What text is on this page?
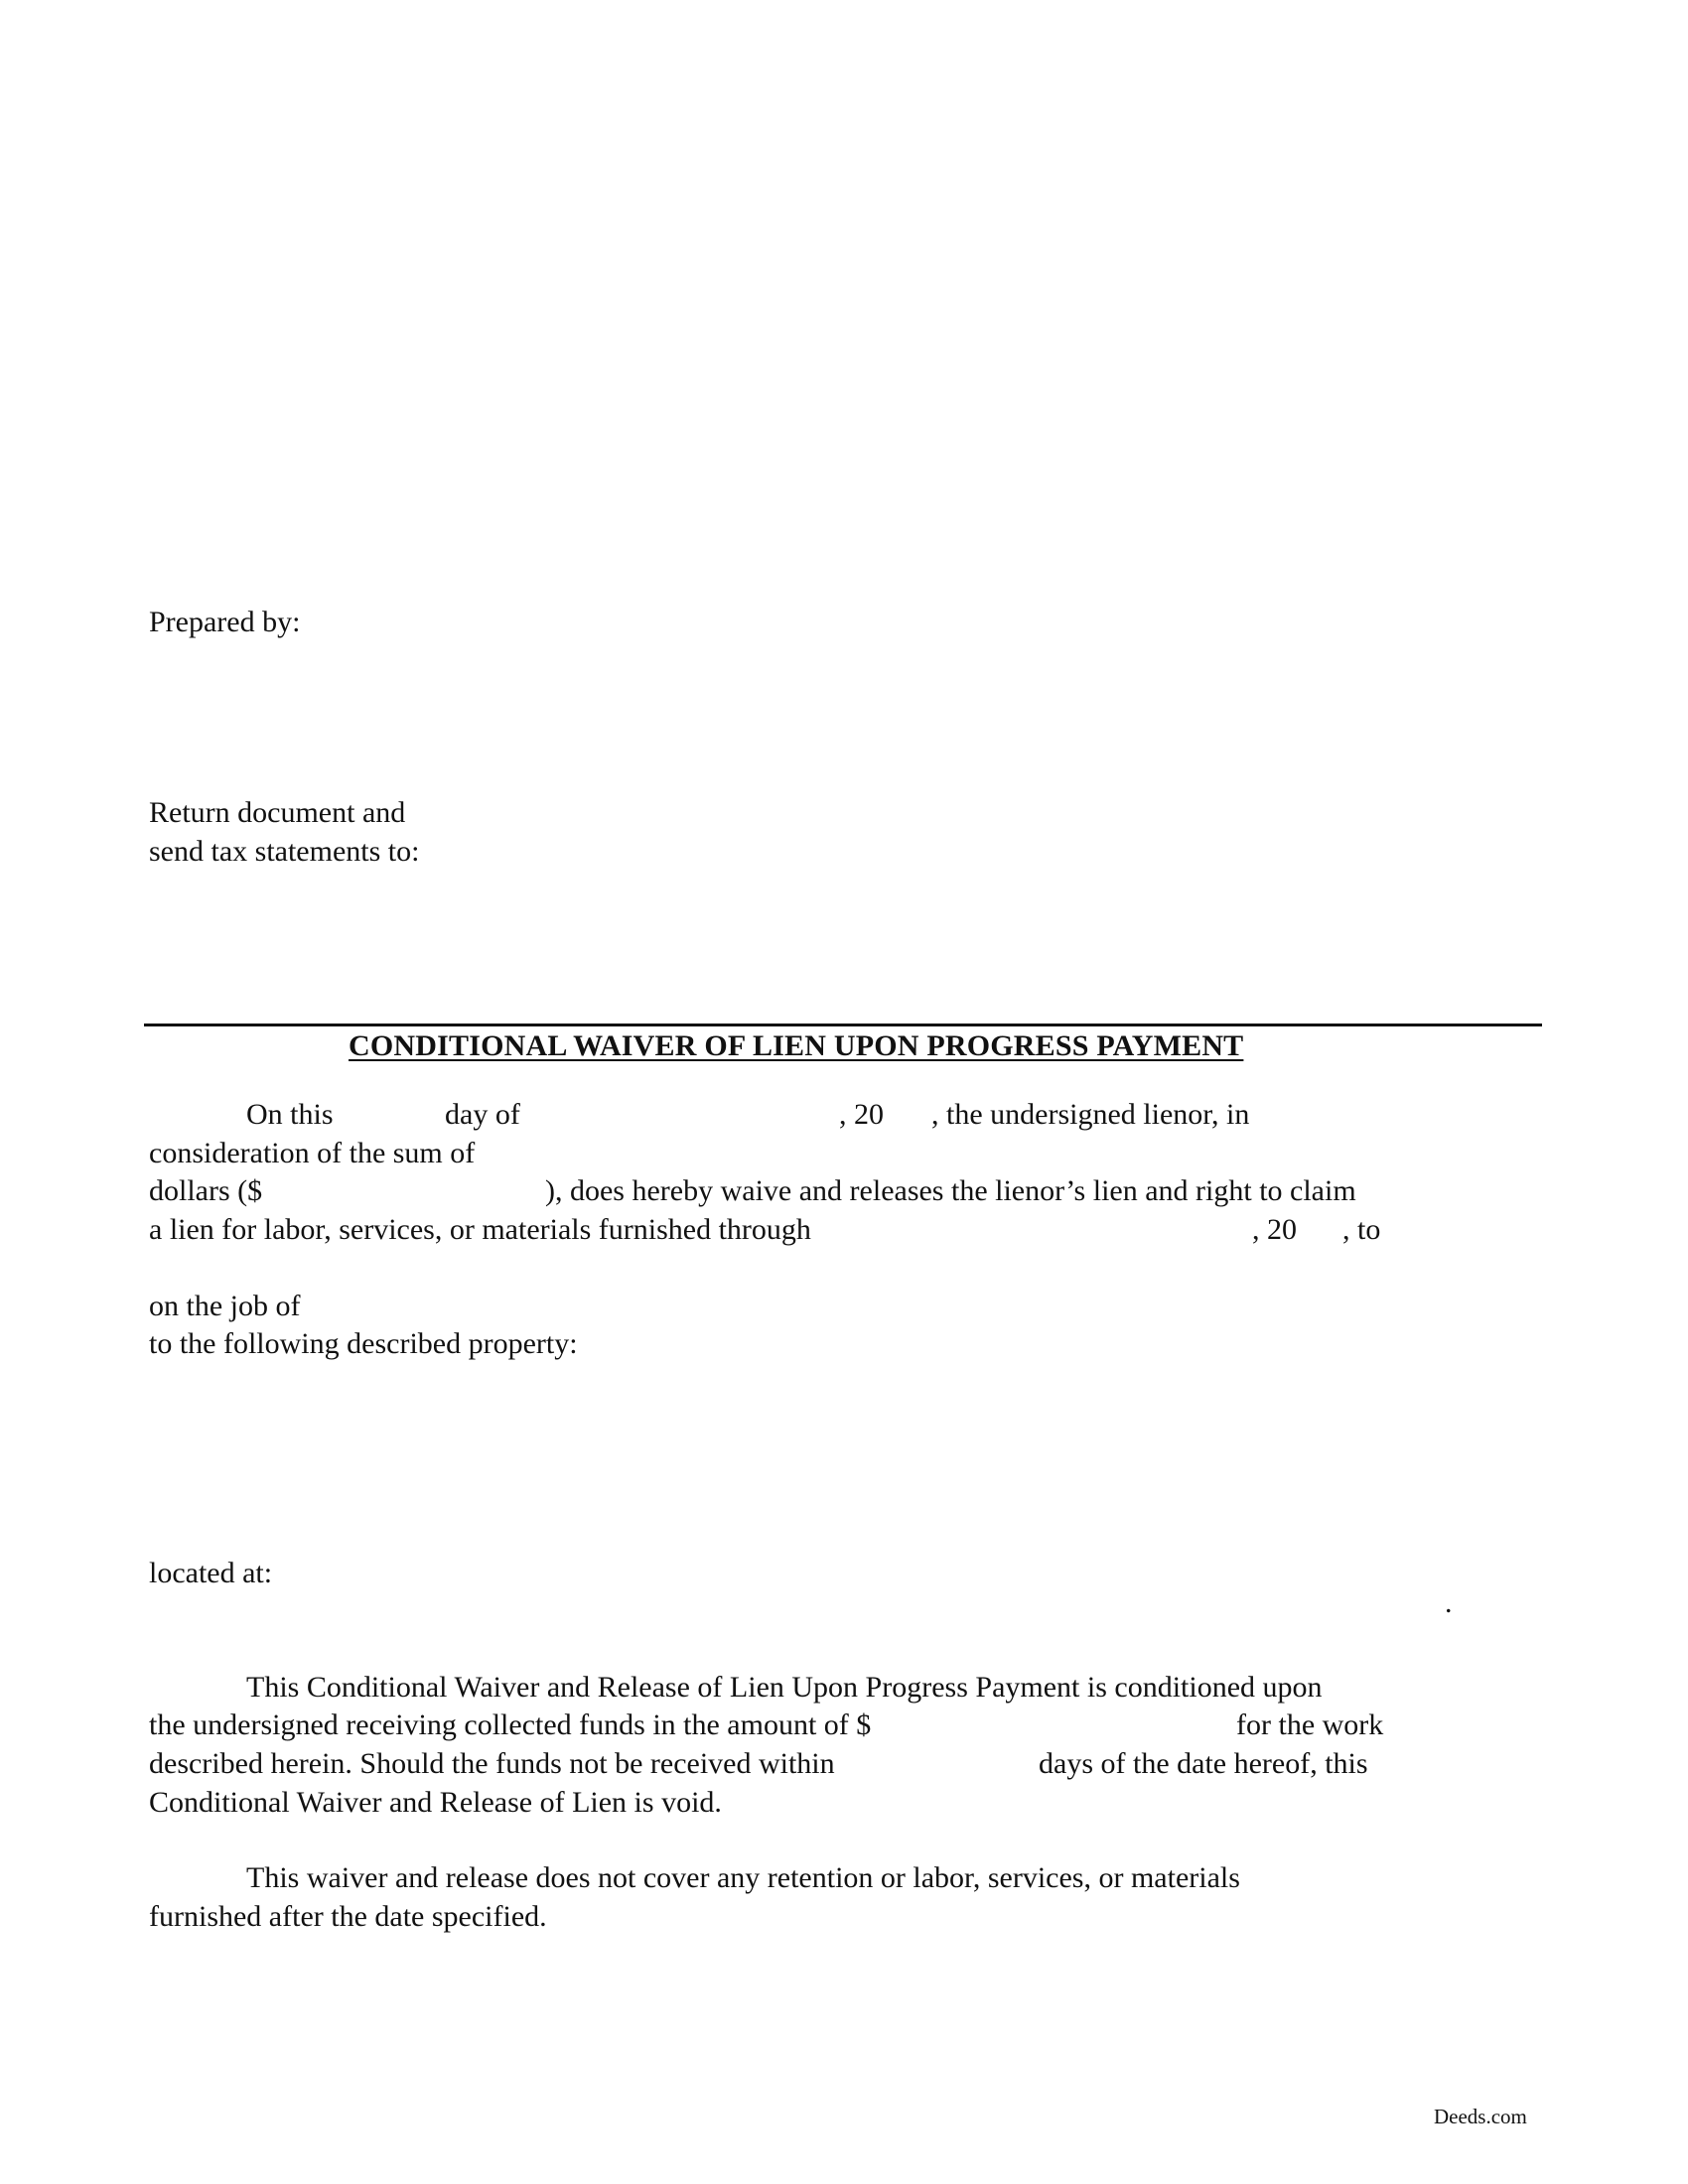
Prepared by:
Return document and
send tax statements to:
CONDITIONAL WAIVER OF LIEN UPON PROGRESS PAYMENT
On this	day of	, 20 , the undersigned lienor, in
consideration of the sum of
dollars ($	), does hereby waive and releases the lienor’s lien and right to claim
a lien for labor, services, or materials furnished through	, 20 , to
on the job of
to the following described property:
located at:
.
This Conditional Waiver and Release of Lien Upon Progress Payment is conditioned upon
the undersigned receiving collected funds in the amount of $	for the work
described herein. Should the funds not be received within	days of the date hereof, this
Conditional Waiver and Release of Lien is void.
This waiver and release does not cover any retention or labor, services, or materials
furnished after the date specified.
Deeds.com
